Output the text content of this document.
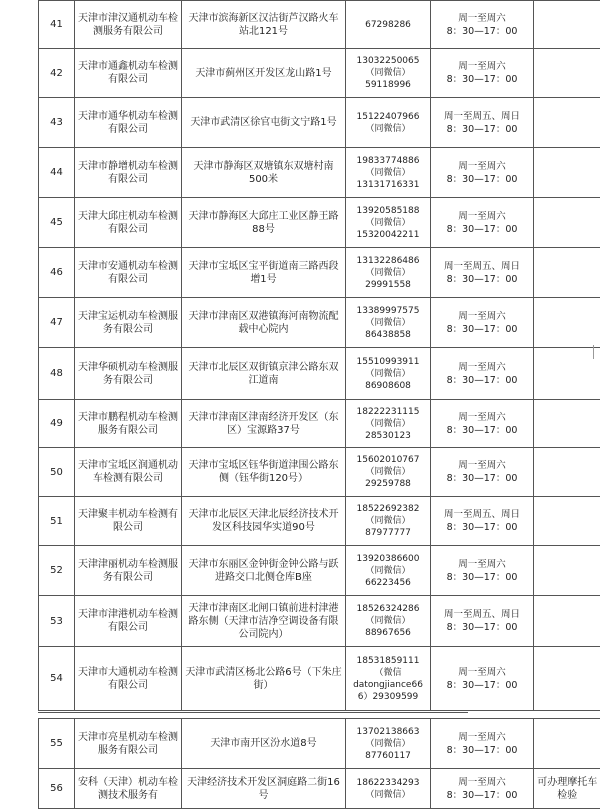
41	天津市津汉通机动车检测服务有限公司	天津市滨海新区汉沽街芦汉路火车站北121号	67298286	周一至周六
8：30—17：00	

42	天津市通鑫机动车检测有限公司	天津市蓟州区开发区龙山路1号	13032250065
（同微信）
59118996	周一至周六
8：30—17：00	

43	天津市通华机动车检测有限公司	天津市武清区徐官屯街文宁路1号	15122407966
（同微信）	周一至周五、周日
8：30—17：00	

44	天津市静增机动车检测有限公司	天津市静海区双塘镇东双塘村南500米	19833774886
（同微信）
13131716331	周一至周六
8：30—17：00	

45	天津大邱庄机动车检测有限公司	天津市静海区大邱庄工业区静王路88号	13920585188
（同微信）
15320042211	周一至周六
8：30—17：00	

46	天津市安通机动车检测有限公司	天津市宝坻区宝平街道南三路西段增1号	13132286486
（同微信）
29991558	周一至周五、周日
8：30—17：00	

47	天津宝运机动车检测服务有限公司	天津市津南区双港镇海河南物流配载中心院内	13389997575
（同微信）
86438858	周一至周六
8：30—17：00	

48	天津华硕机动车检测服务有限公司	天津市北辰区双街镇京津公路东双江道南	15510993911
（同微信）
86908608	周一至周六
8：30—17：00	

49	天津市鹏程机动车检测服务有限公司	天津市津南区津南经济开发区（东区）宝源路37号	18222231115
（同微信）
28530123	周一至周六
8：30—17：00	

50	天津市宝坻区润通机动车检测有限公司	天津市宝坻区钰华街道津围公路东侧（钰华街120号）	15602010767
（同微信）
29259788	周一至周六
8：30—17：00	

51	天津聚丰机动车检测有限公司	天津市北辰区天津北辰经济技术开发区科技园华实道90号	18522692382
（同微信）
87977777	周一至周五、周日
8：30—17：00	

52	天津津丽机动车检测服务有限公司	天津市东丽区金钟街金钟公路与跃进路交口北侧仓库B座	13920386600
（同微信）
66223456	周一至周六
8：30—17：00	

53	天津市津港机动车检测有限公司	天津市津南区北闸口镇前进村津港路东侧（天津市洁净空调设备有限公司院内）	18526324286
（同微信）
88967656	周一至周五、周日
8：30—17：00	

54	天津市大通机动车检测有限公司	天津市武清区杨北公路6号（下朱庄街）	18531859111
（微信
datongjiance66
6）29309599	周一至周六
8：30—17：00	

55	天津市亮星机动车检测服务有限公司	天津市南开区汾水道8号	13702138663
（同微信）
87760117	周一至周六
8：30—17：00	

56	安科（天津）机动车检测技术服务有	天津经济技术开发区洞庭路二街16号	18622334293
（同微信）	周一至周六
8：30—17：00	可办理摩托车检验
